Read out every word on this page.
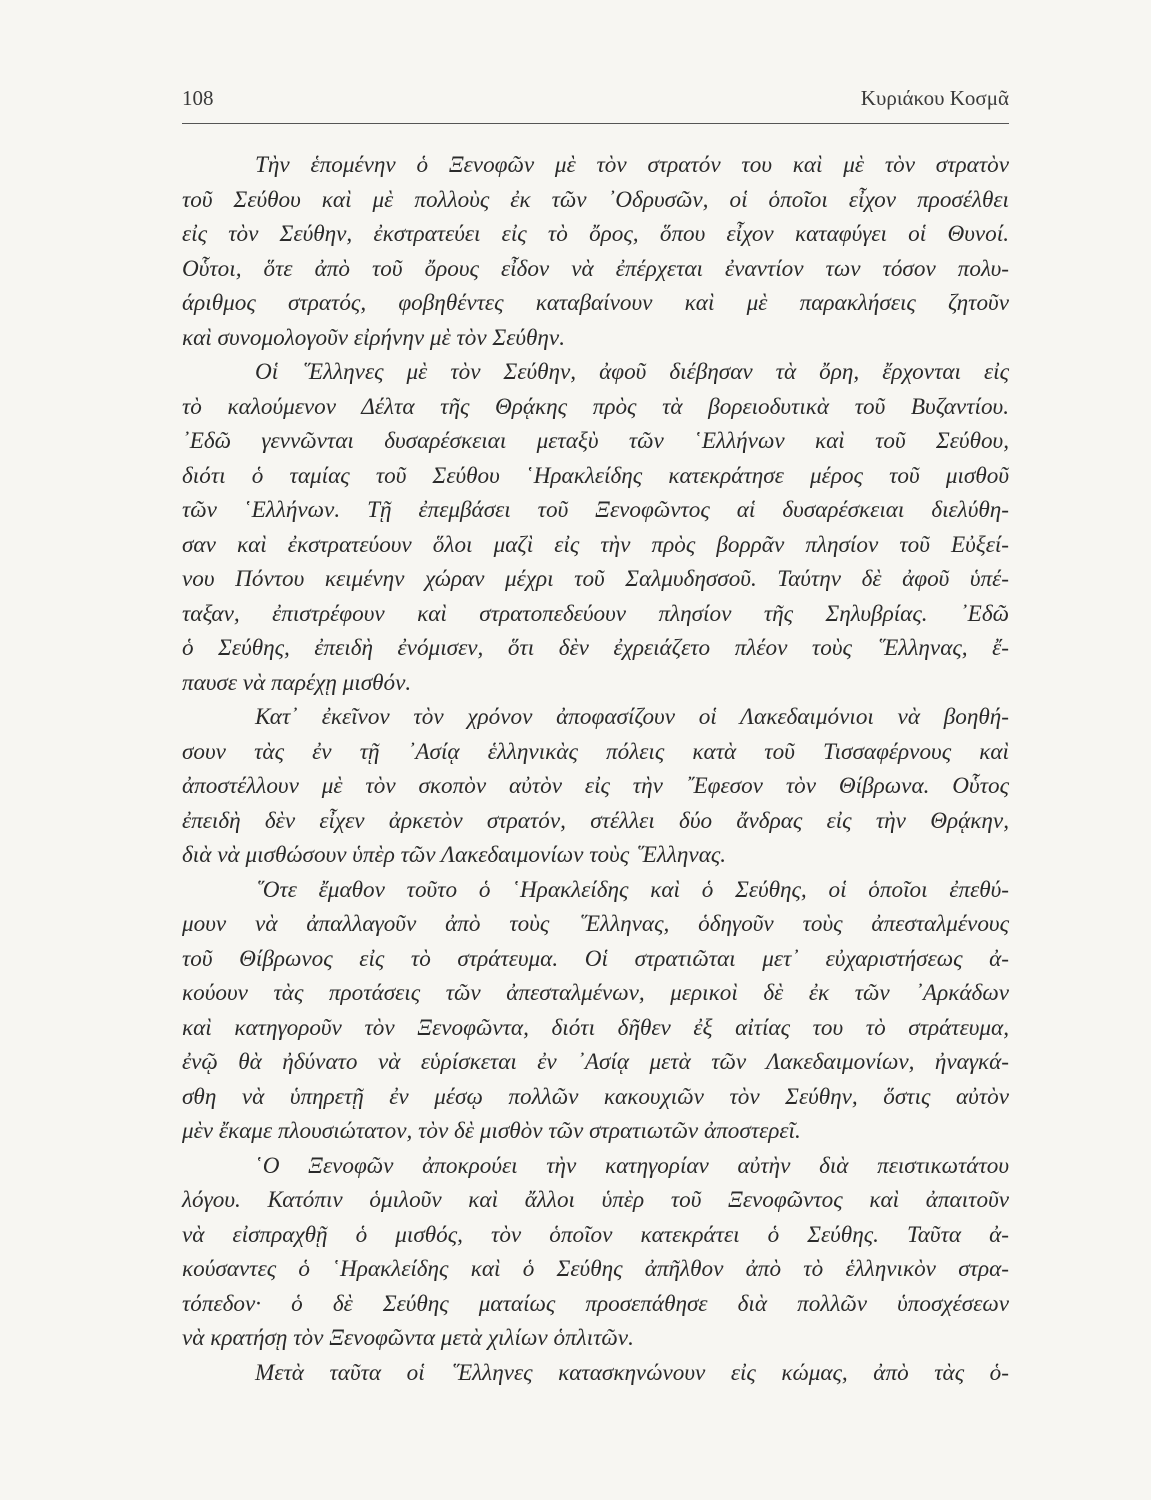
108	Κυριάκου Κοσμᾶ
Τὴν ἑπομένην ὁ Ξενοφῶν μὲ τὸν στρατόν του καὶ μὲ τὸν στρατὸν
τοῦ Σεύθου καὶ μὲ πολλοὺς ἐκ τῶν ᾿Οδρυσῶν, οἱ ὁποῖοι εἶχον προσέλθει
εἰς τὸν Σεύθην, ἐκστρατεύει εἰς τὸ ὄρος, ὅπου εἶχον καταφύγει οἱ Θυνοί.
Οὗτοι, ὅτε ἀπὸ τοῦ ὄρους εἶδον νὰ ἐπέρχεται ἐναντίον των τόσον πολυ-
άριθμος στρατός, φοβηθέντες καταβαίνουν καὶ μὲ παρακλήσεις ζητοῦν
καὶ συνομολογοῦν εἰρήνην μὲ τὸν Σεύθην.
Οἱ ῞Ελληνες μὲ τὸν Σεύθην, ἀφοῦ διέβησαν τὰ ὄρη, ἔρχονται εἰς
τὸ καλούμενον Δέλτα τῆς Θρᾴκης πρὸς τὰ βορειοδυτικὰ τοῦ Βυζαντίου.
᾿Εδῶ γεννῶνται δυσαρέσκειαι μεταξὺ τῶν ῾Ελλήνων καὶ τοῦ Σεύθου,
διότι ὁ ταμίας τοῦ Σεύθου ῾Ηρακλείδης κατεκράτησε μέρος τοῦ μισθοῦ
τῶν ῾Ελλήνων. Τῇ ἐπεμβάσει τοῦ Ξενοφῶντος αἱ δυσαρέσκειαι διελύθη-
σαν καὶ ἐκστρατεύουν ὅλοι μαζὶ εἰς τὴν πρὸς βορρᾶν πλησίον τοῦ Εὐξεί-
νου Πόντου κειμένην χώραν μέχρι τοῦ Σαλμυδησσοῦ. Ταύτην δὲ ἀφοῦ ὑπέ-
ταξαν, ἐπιστρέφουν καὶ στρατοπεδεύουν πλησίον τῆς Σηλυβρίας. ᾿Εδῶ
ὁ Σεύθης, ἐπειδὴ ἐνόμισεν, ὅτι δὲν ἐχρειάζετο πλέον τοὺς ῞Ελληνας, ἔ-
παυσε νὰ παρέχῃ μισθόν.
Κατ᾿ ἐκεῖνον τὸν χρόνον ἀποφασίζουν οἱ Λακεδαιμόνιοι νὰ βοηθή-
σουν τὰς ἐν τῇ ᾿Ασίᾳ ἑλληνικὰς πόλεις κατὰ τοῦ Τισσαφέρνους καὶ
ἀποστέλλουν μὲ τὸν σκοπὸν αὐτὸν εἰς τὴν ῎Εφεσον τὸν Θίβρωνα. Οὗτος
ἐπειδὴ δὲν εἶχεν ἀρκετὸν στρατόν, στέλλει δύο ἄνδρας εἰς τὴν Θρᾴκην,
διὰ νὰ μισθώσουν ὑπὲρ τῶν Λακεδαιμονίων τοὺς ῞Ελληνας.
῞Οτε ἔμαθον τοῦτο ὁ ῾Ηρακλείδης καὶ ὁ Σεύθης, οἱ ὁποῖοι ἐπεθύ-
μουν νὰ ἀπαλλαγοῦν ἀπὸ τοὺς ῞Ελληνας, ὁδηγοῦν τοὺς ἀπεσταλμένους
τοῦ Θίβρωνος εἰς τὸ στράτευμα. Οἱ στρατιῶται μετ᾿ εὐχαριστήσεως ἀ-
κούουν τὰς προτάσεις τῶν ἀπεσταλμένων, μερικοὶ δὲ ἐκ τῶν ᾿Αρκάδων
καὶ κατηγοροῦν τὸν Ξενοφῶντα, διότι δῆθεν ἐξ αἰτίας του τὸ στράτευμα,
ἐνῷ θὰ ἠδύνατο νὰ εὑρίσκεται ἐν ᾿Ασίᾳ μετὰ τῶν Λακεδαιμονίων, ἠναγκά-
σθη νὰ ὑπηρετῇ ἐν μέσῳ πολλῶν κακουχιῶν τὸν Σεύθην, ὅστις αὐτὸν
μὲν ἔκαμε πλουσιώτατον, τὸν δὲ μισθὸν τῶν στρατιωτῶν ἀποστερεῖ.
῾Ο Ξενοφῶν ἀποκρούει τὴν κατηγορίαν αὐτὴν διὰ πειστικωτάτου
λόγου. Κατόπιν ὁμιλοῦν καὶ ἄλλοι ὑπὲρ τοῦ Ξενοφῶντος καὶ ἀπαιτοῦν
νὰ εἰσπραχθῇ ὁ μισθός, τὸν ὁποῖον κατεκράτει ὁ Σεύθης. Ταῦτα ἀ-
κούσαντες ὁ ῾Ηρακλείδης καὶ ὁ Σεύθης ἀπῆλθον ἀπὸ τὸ ἑλληνικὸν στρα-
τόπεδον· ὁ δὲ Σεύθης ματαίως προσεπάθησε διὰ πολλῶν ὑποσχέσεων
νὰ κρατήσῃ τὸν Ξενοφῶντα μετὰ χιλίων ὁπλιτῶν.
Μετὰ ταῦτα οἱ ῞Ελληνες κατασκηνώνουν εἰς κώμας, ἀπὸ τὰς ὁ-
